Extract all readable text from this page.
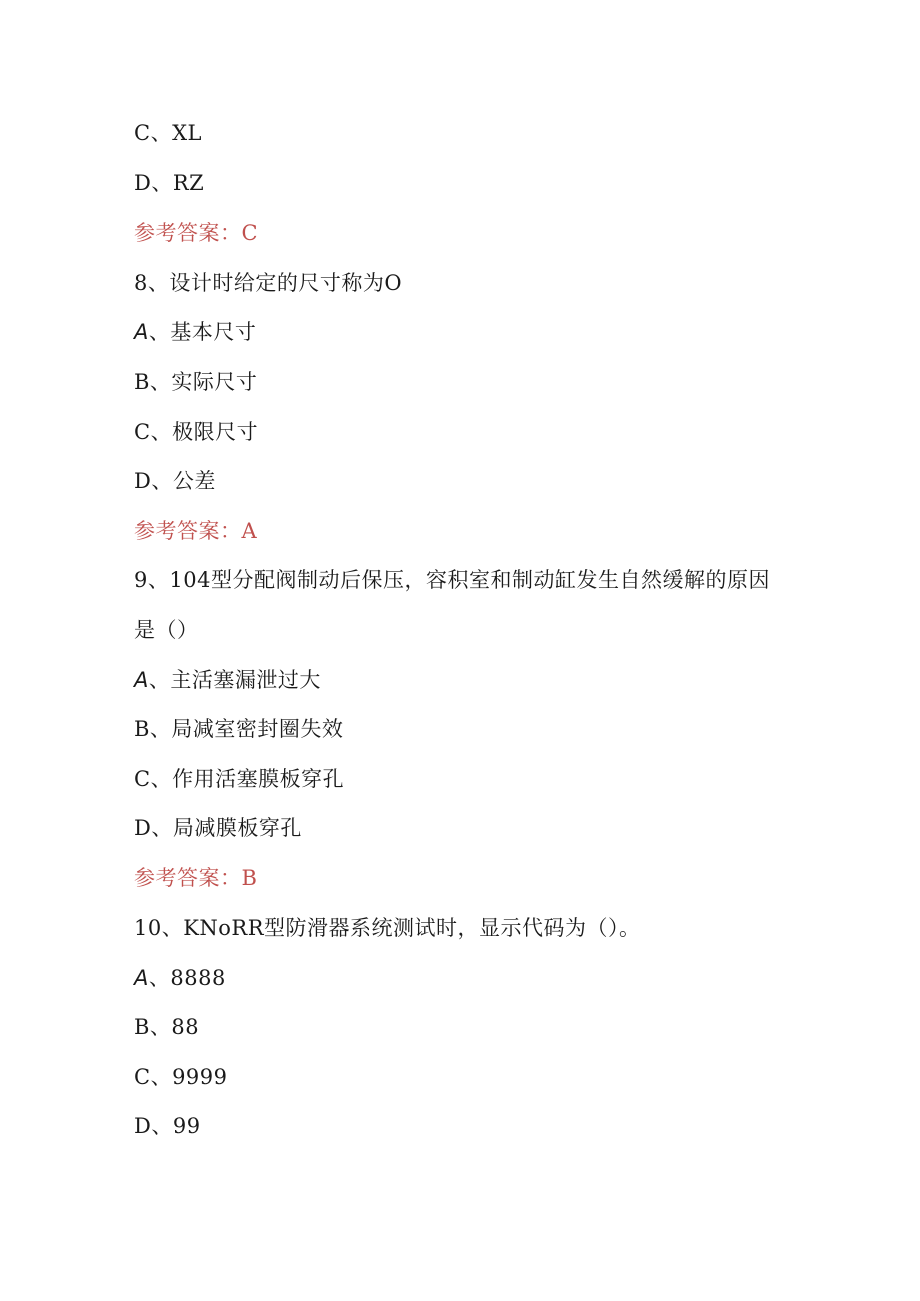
C、XL
D、RZ
参考答案：C
8、设计时给定的尺寸称为O
A、基本尺寸
B、实际尺寸
C、极限尺寸
D、公差
参考答案：A
9、104型分配阀制动后保压，容积室和制动缸发生自然缓解的原因
是（）
A、主活塞漏泄过大
B、局减室密封圈失效
C、作用活塞膜板穿孔
D、局减膜板穿孔
参考答案：B
10、KNoRR型防滑器系统测试时，显示代码为（）。
A、8888
B、88
C、9999
D、99
